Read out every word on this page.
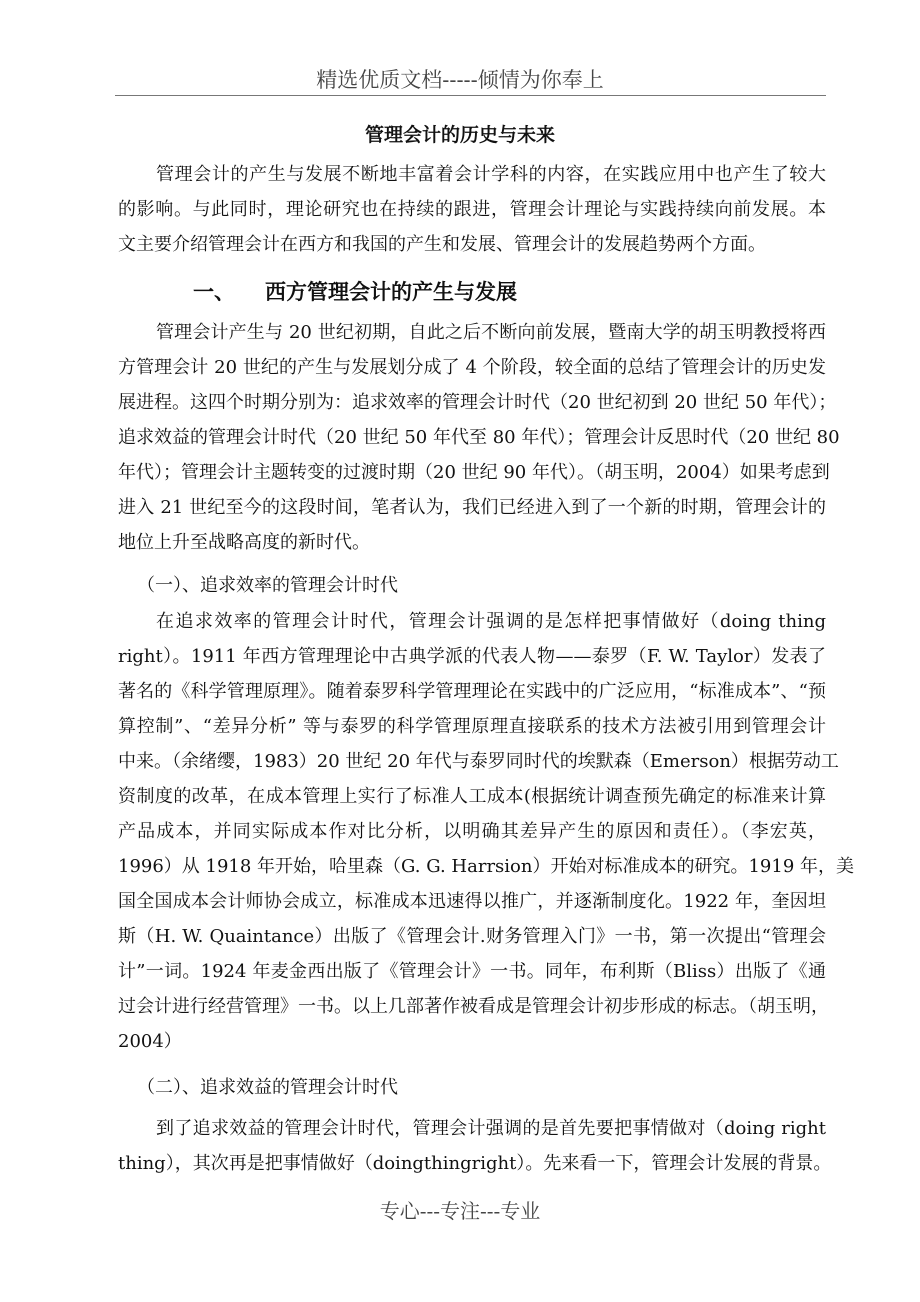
精选优质文档-----倾情为你奉上
管理会计的历史与未来
管理会计的产生与发展不断地丰富着会计学科的内容，在实践应用中也产生了较大
的影响。与此同时，理论研究也在持续的跟进，管理会计理论与实践持续向前发展。本
文主要介绍管理会计在西方和我国的产生和发展、管理会计的发展趋势两个方面。
一、 西方管理会计的产生与发展
管理会计产生与 20 世纪初期，自此之后不断向前发展，暨南大学的胡玉明教授将西
方管理会计 20 世纪的产生与发展划分成了 4 个阶段，较全面的总结了管理会计的历史发
展进程。这四个时期分别为：追求效率的管理会计时代（20 世纪初到 20 世纪 50 年代）；
追求效益的管理会计时代（20 世纪 50 年代至 80 年代）；管理会计反思时代（20 世纪 80
年代）；管理会计主题转变的过渡时期（20 世纪 90 年代）。（胡玉明，2004）如果考虑到
进入 21 世纪至今的这段时间，笔者认为，我们已经进入到了一个新的时期，管理会计的
地位上升至战略高度的新时代。
（一）、追求效率的管理会计时代
在追求效率的管理会计时代，管理会计强调的是怎样把事情做好（doing thing
right）。1911 年西方管理理论中古典学派的代表人物——泰罗（F. W. Taylor）发表了
著名的《科学管理原理》。随着泰罗科学管理理论在实践中的广泛应用，“标准成本”、“预
算控制”、“差异分析” 等与泰罗的科学管理原理直接联系的技术方法被引用到管理会计
中来。（余绪缨，1983）20 世纪 20 年代与泰罗同时代的埃默森（Emerson）根据劳动工
资制度的改革，在成本管理上实行了标准人工成本(根据统计调查预先确定的标准来计算
产品成本，并同实际成本作对比分析，以明确其差异产生的原因和责任）。（李宏英，
1996）从 1918 年开始，哈里森（G. G. Harrsion）开始对标准成本的研究。1919 年，美
国全国成本会计师协会成立，标准成本迅速得以推广，并逐渐制度化。1922 年，奎因坦
斯（H. W. Quaintance）出版了《管理会计.财务管理入门》一书，第一次提出“管理会
计”一词。1924 年麦金西出版了《管理会计》一书。同年，布利斯（Bliss）出版了《通
过会计进行经营管理》一书。以上几部著作被看成是管理会计初步形成的标志。（胡玉明，
2004）
（二）、追求效益的管理会计时代
到了追求效益的管理会计时代，管理会计强调的是首先要把事情做对（doing right
thing），其次再是把事情做好（doingthingright）。先来看一下，管理会计发展的背景。
专心---专注---专业
